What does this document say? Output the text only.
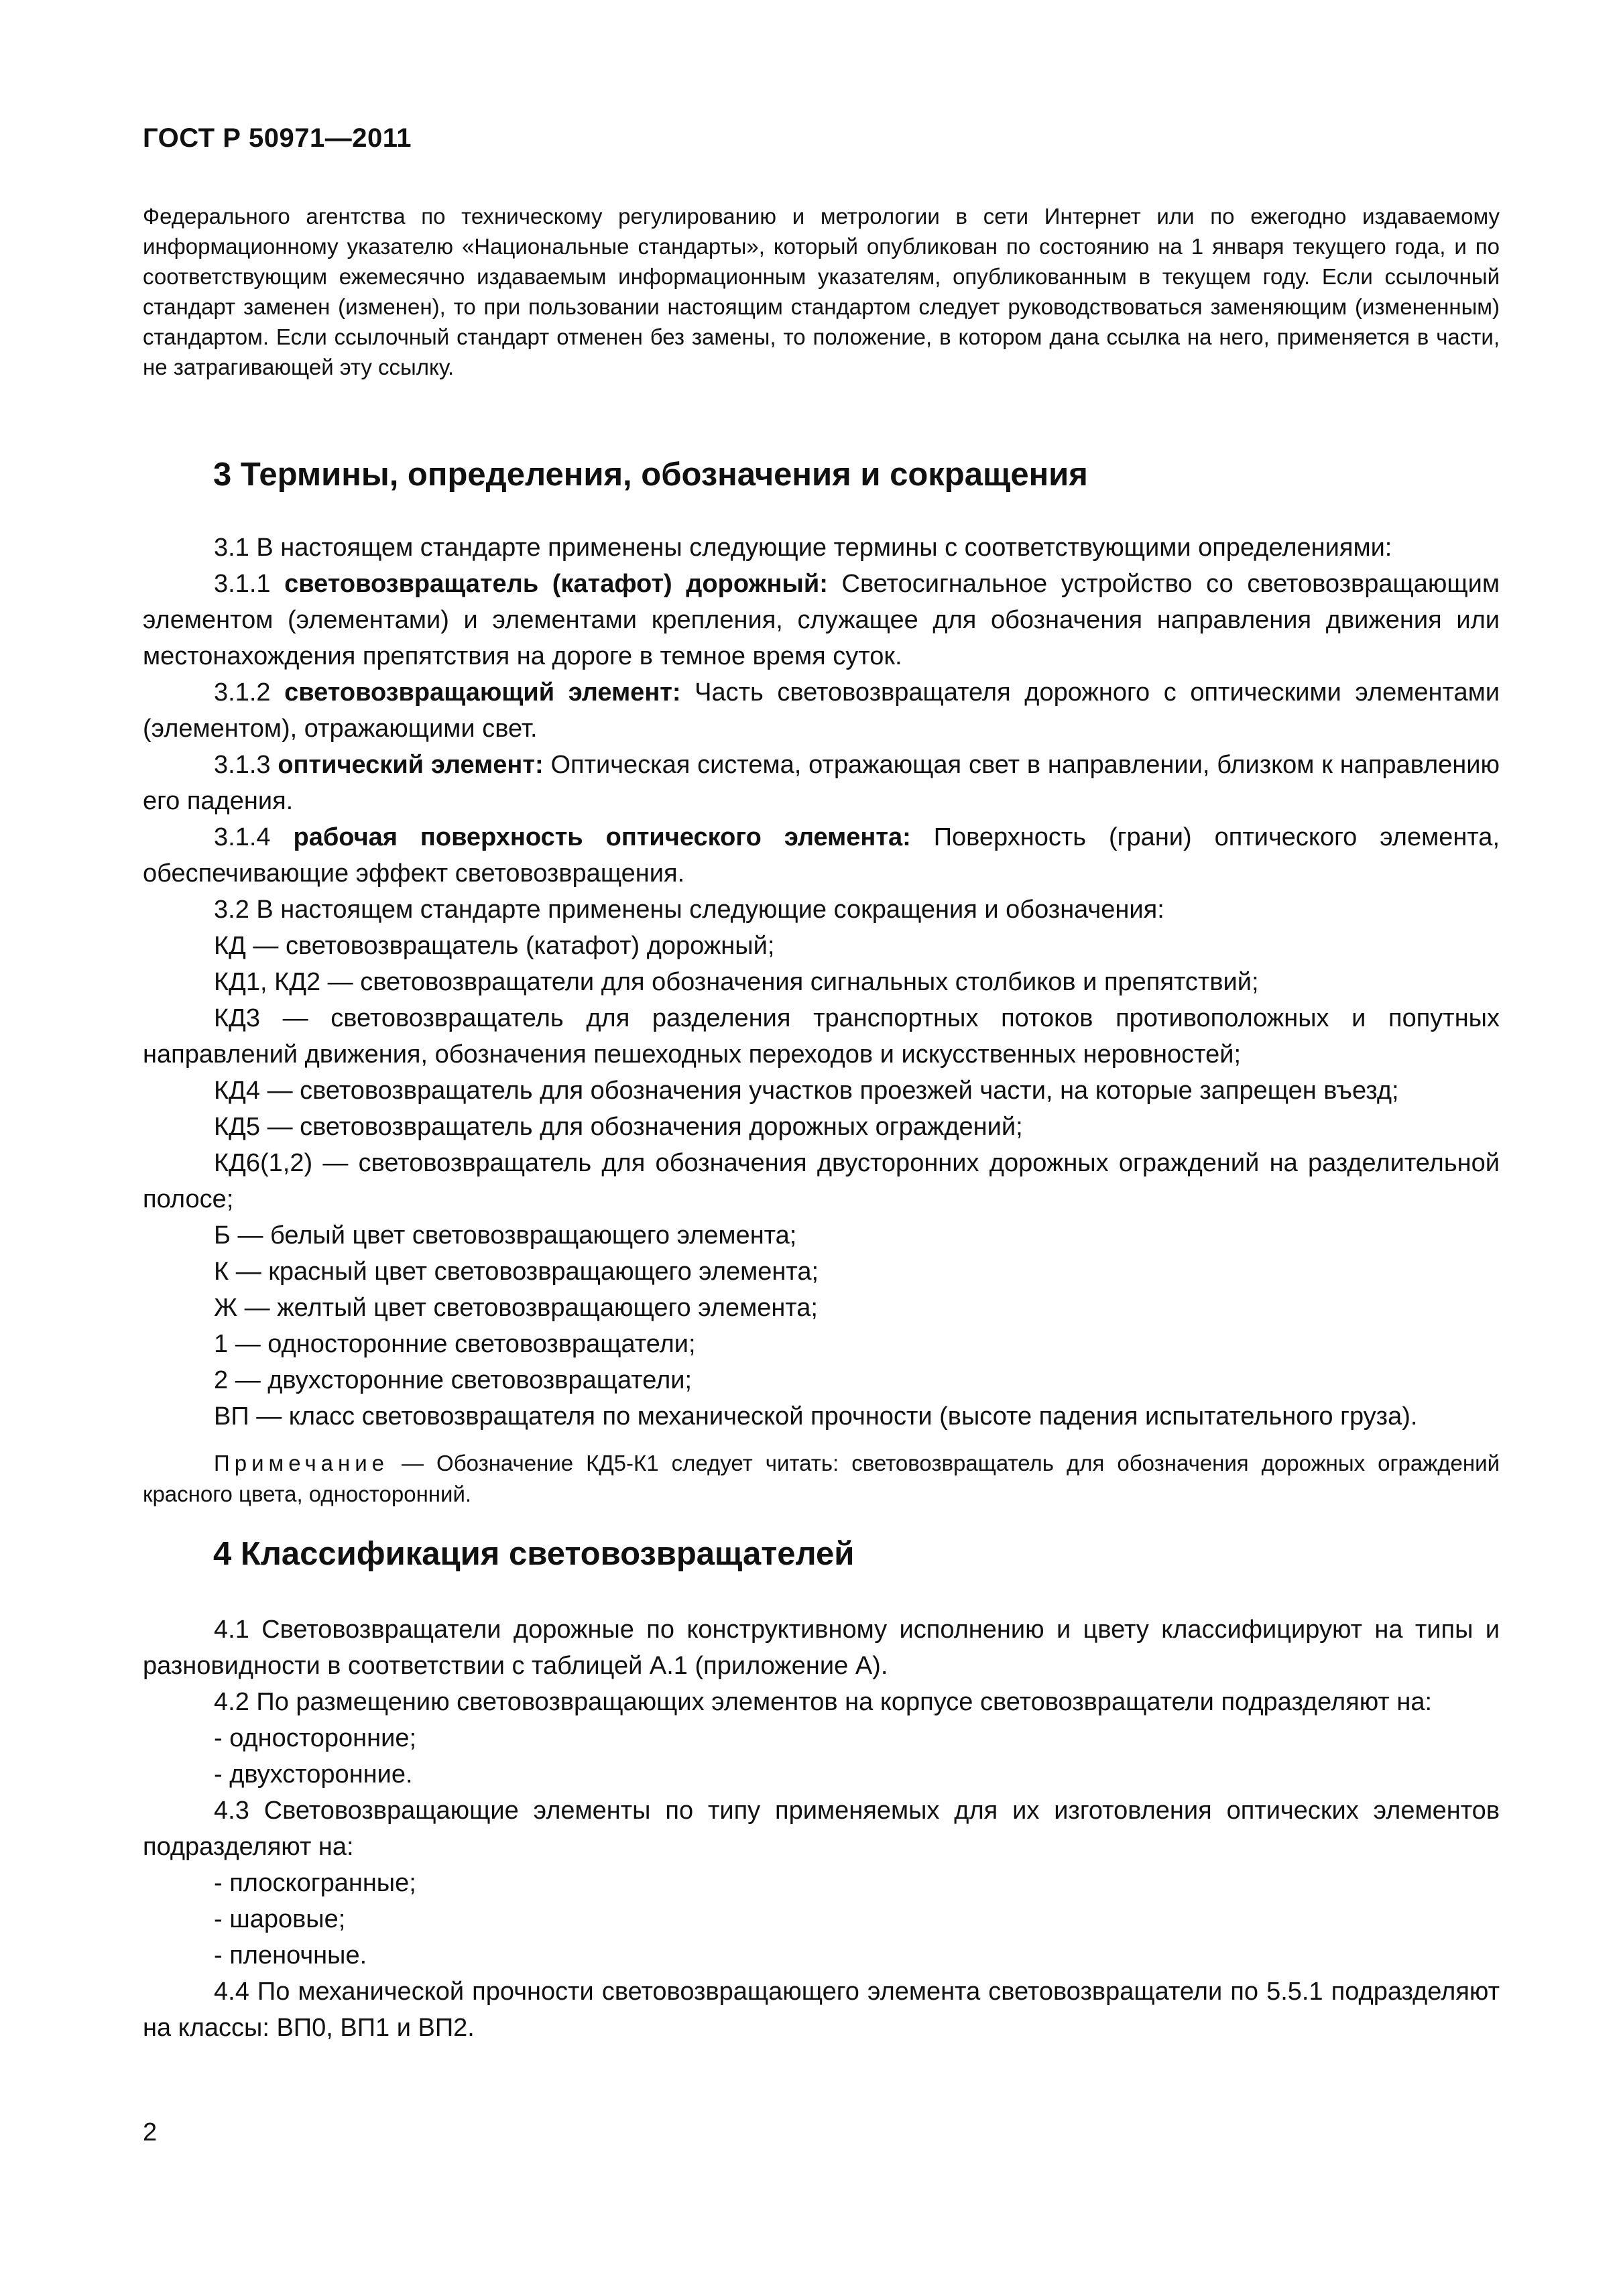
ГОСТ Р 50971—2011

Федерального агентства по техническому регулированию и метрологии в сети Интернет или по ежегодно издаваемому информационному указателю «Национальные стандарты», который опубликован по состоянию на 1 января текущего года, и по соответствующим ежемесячно издаваемым информационным указателям, опубликованным в текущем году. Если ссылочный стандарт заменен (изменен), то при пользовании настоящим стандартом следует руководствоваться заменяющим (измененным) стандартом. Если ссылочный стандарт отменен без замены, то положение, в котором дана ссылка на него, применяется в части, не затрагивающей эту ссылку.

3 Термины, определения, обозначения и сокращения

3.1 В настоящем стандарте применены следующие термины с соответствующими определениями:

3.1.1 световозвращатель (катафот) дорожный: Светосигнальное устройство со световозвращающим элементом (элементами) и элементами крепления, служащее для обозначения направления движения или местонахождения препятствия на дороге в темное время суток.

3.1.2 световозвращающий элемент: Часть световозвращателя дорожного с оптическими элементами (элементом), отражающими свет.

3.1.3 оптический элемент: Оптическая система, отражающая свет в направлении, близком к направлению его падения.

3.1.4 рабочая поверхность оптического элемента: Поверхность (грани) оптического элемента, обеспечивающие эффект световозвращения.

3.2 В настоящем стандарте применены следующие сокращения и обозначения:

КД — световозвращатель (катафот) дорожный;

КД1, КД2 — световозвращатели для обозначения сигнальных столбиков и препятствий;

КД3 — световозвращатель для разделения транспортных потоков противоположных и попутных направлений движения, обозначения пешеходных переходов и искусственных неровностей;

КД4 — световозвращатель для обозначения участков проезжей части, на которые запрещен въезд;

КД5 — световозвращатель для обозначения дорожных ограждений;

КД6(1,2) — световозвращатель для обозначения двусторонних дорожных ограждений на разделительной полосе;

Б — белый цвет световозвращающего элемента;

К — красный цвет световозвращающего элемента;

Ж — желтый цвет световозвращающего элемента;

1 — односторонние световозвращатели;

2 — двухсторонние световозвращатели;

ВП — класс световозвращателя по механической прочности (высоте падения испытательного груза).

Примечание — Обозначение КД5-К1 следует читать: световозвращатель для обозначения дорожных ограждений красного цвета, односторонний.

4 Классификация световозвращателей

4.1 Световозвращатели дорожные по конструктивному исполнению и цвету классифицируют на типы и разновидности в соответствии с таблицей А.1 (приложение А).

4.2 По размещению световозвращающих элементов на корпусе световозвращатели подразделяют на:

- односторонние;

- двухсторонние.

4.3 Световозвращающие элементы по типу применяемых для их изготовления оптических элементов подразделяют на:

- плоскогранные;

- шаровые;

- пленочные.

4.4 По механической прочности световозвращающего элемента световозвращатели по 5.5.1 подразделяют на классы: ВП0, ВП1 и ВП2.

2
